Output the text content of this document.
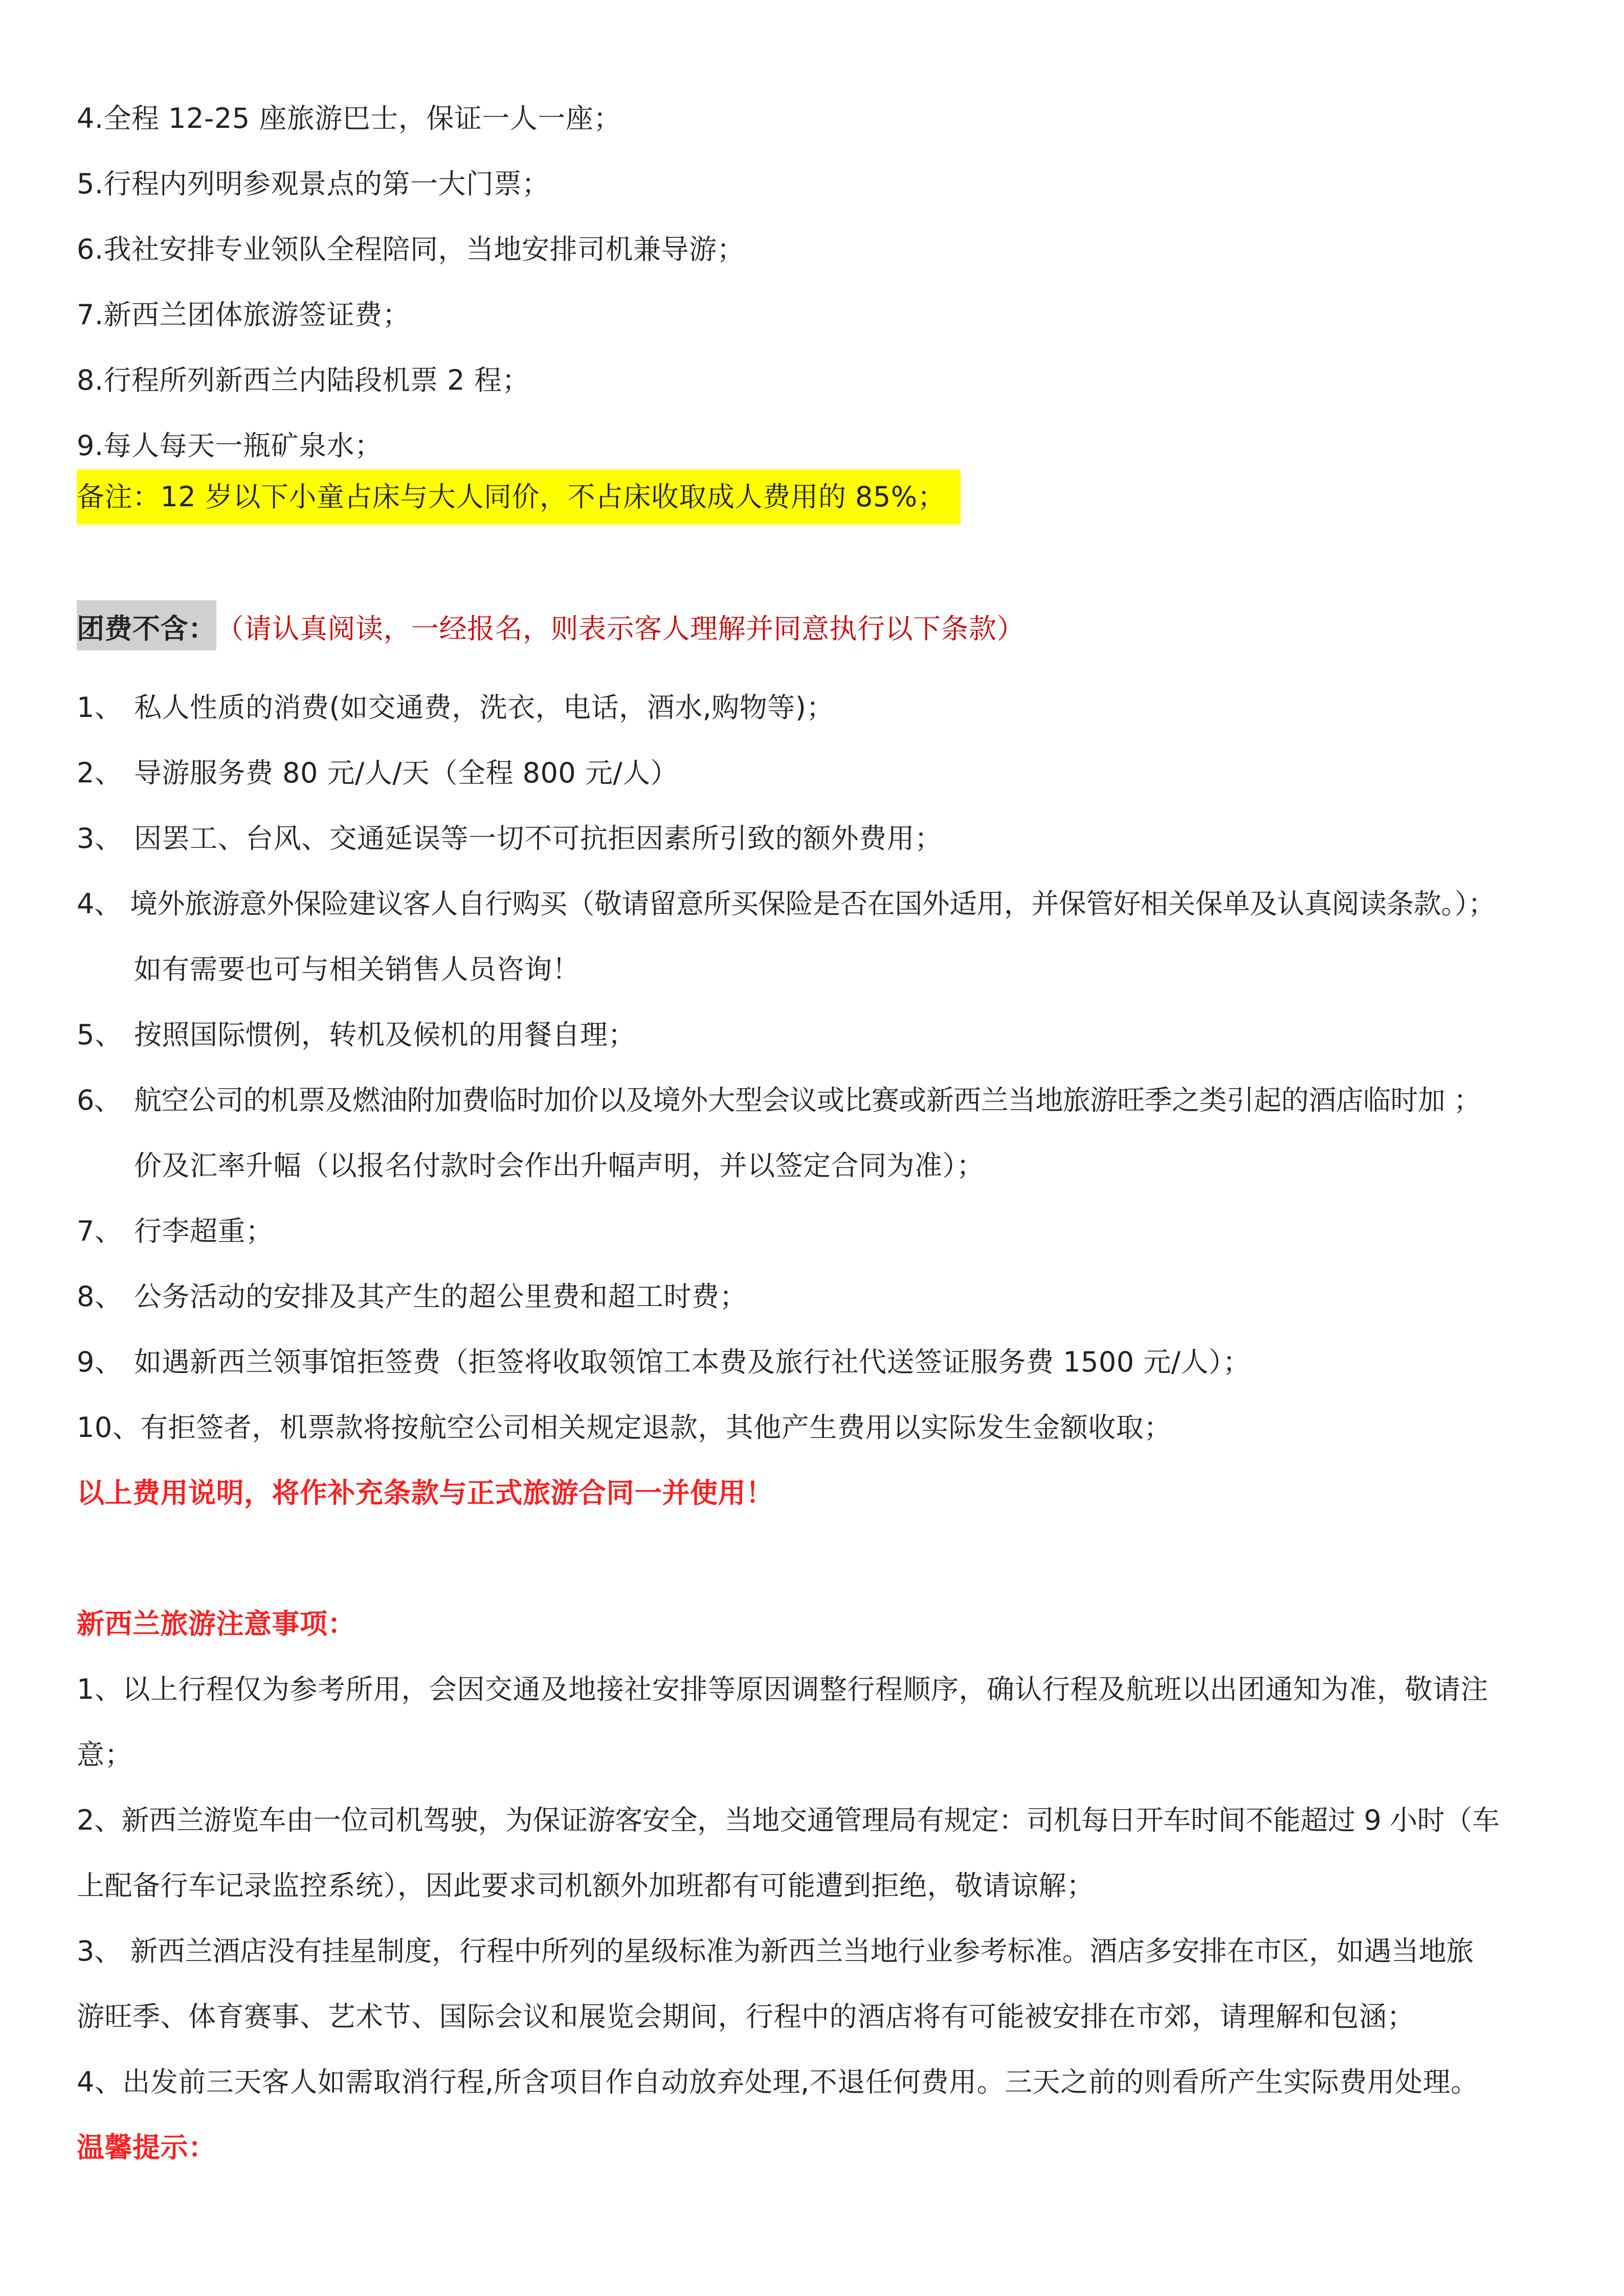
4.全程 12-25 座旅游巴士，保证一人一座；
5.行程内列明参观景点的第一大门票；
6.我社安排专业领队全程陪同，当地安排司机兼导游；
7.新西兰团体旅游签证费；
8.行程所列新西兰内陆段机票 2 程；
9.每人每天一瓶矿泉水；
备注：12 岁以下小童占床与大人同价，不占床收取成人费用的 85%；
团费不含：（请认真阅读，一经报名，则表示客人理解并同意执行以下条款）
1、 私人性质的消费(如交通费，洗衣，电话，酒水,购物等)；
2、 导游服务费 80 元/人/天（全程 800 元/人）
3、 因罢工、台风、交通延误等一切不可抗拒因素所引致的额外费用；
4、 境外旅游意外保险建议客人自行购买（敬请留意所买保险是否在国外适用，并保管好相关保单及认真阅读条款。）；
如有需要也可与相关销售人员咨询！
5、 按照国际惯例，转机及候机的用餐自理；
6、 航空公司的机票及燃油附加费临时加价以及境外大型会议或比赛或新西兰当地旅游旺季之类引起的酒店临时加 ；
价及汇率升幅（以报名付款时会作出升幅声明，并以签定合同为准）；
7、 行李超重；
8、 公务活动的安排及其产生的超公里费和超工时费；
9、 如遇新西兰领事馆拒签费（拒签将收取领馆工本费及旅行社代送签证服务费 1500 元/人）；
10、有拒签者，机票款将按航空公司相关规定退款，其他产生费用以实际发生金额收取；
以上费用说明，将作补充条款与正式旅游合同一并使用！
新西兰旅游注意事项：
1、以上行程仅为参考所用，会因交通及地接社安排等原因调整行程顺序，确认行程及航班以出团通知为准，敬请注
意；
2、新西兰游览车由一位司机驾驶，为保证游客安全，当地交通管理局有规定：司机每日开车时间不能超过 9 小时（车
上配备行车记录监控系统），因此要求司机额外加班都有可能遭到拒绝，敬请谅解；
3、 新西兰酒店没有挂星制度，行程中所列的星级标准为新西兰当地行业参考标准。酒店多安排在市区，如遇当地旅
游旺季、体育赛事、艺术节、国际会议和展览会期间，行程中的酒店将有可能被安排在市郊，请理解和包涵；
4、出发前三天客人如需取消行程,所含项目作自动放弃处理,不退任何费用。三天之前的则看所产生实际费用处理。
温馨提示：
